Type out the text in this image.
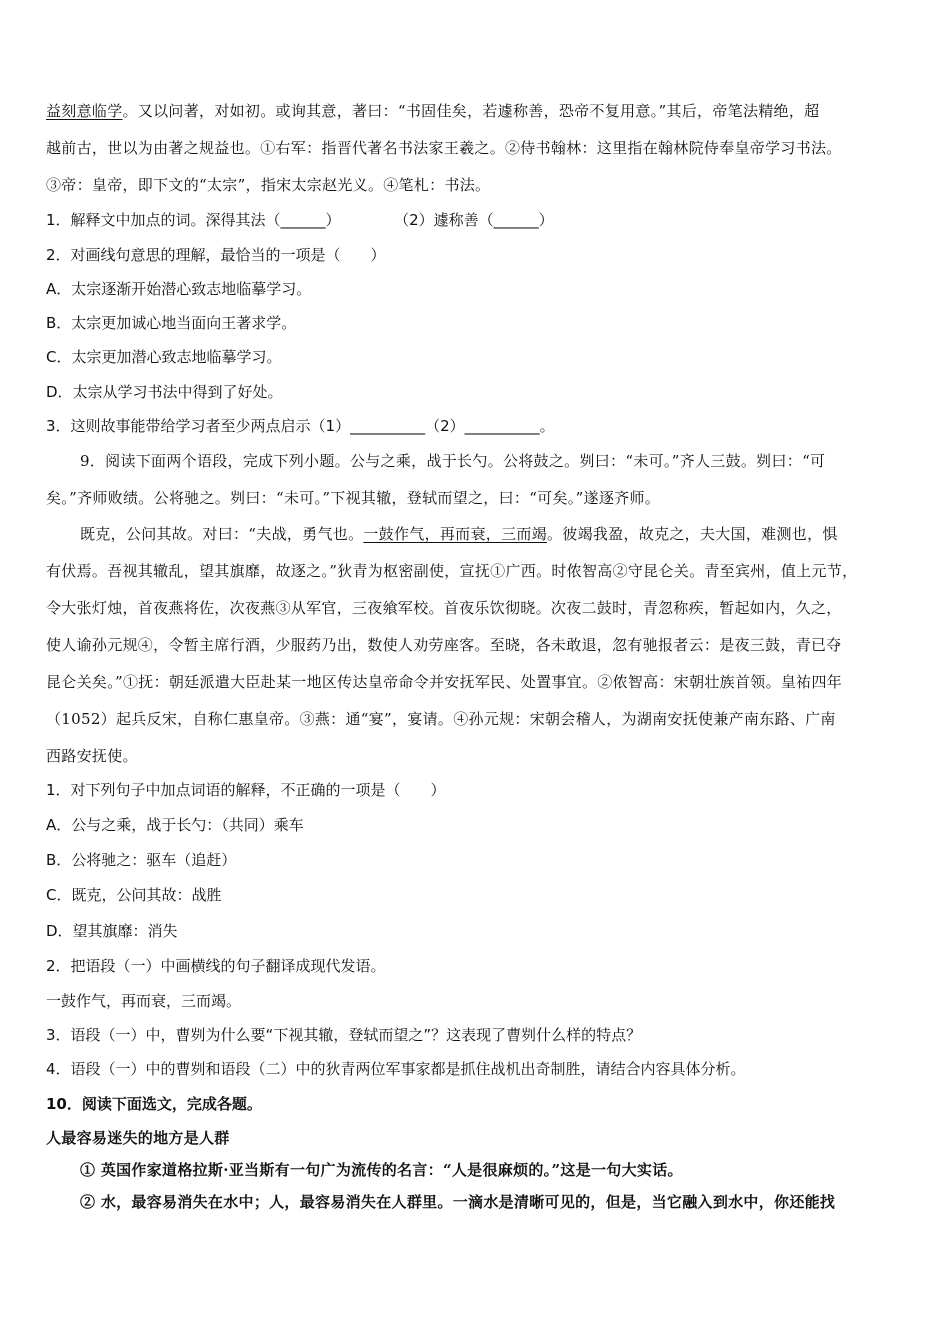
益刻意临学。又以问著，对如初。或询其意，著曰：“书固佳矣，若遽称善，恐帝不复用意。”其后，帝笔法精绝，超
越前古，世以为由著之规益也。①右军：指晋代著名书法家王羲之。②侍书翰林：这里指在翰林院侍奉皇帝学习书法。
③帝：皇帝，即下文的“太宗”，指宋太宗赵光义。④笔札：书法。
1．解释文中加点的词。深得其法（______）	（2）遽称善（______）
2．对画线句意思的理解，最恰当的一项是（　　）
A．太宗逐渐开始潜心致志地临摹学习。
B．太宗更加诚心地当面向王著求学。
C．太宗更加潜心致志地临摹学习。
D．太宗从学习书法中得到了好处。
3．这则故事能带给学习者至少两点启示（1）__________（2）__________。
9．阅读下面两个语段，完成下列小题。公与之乘，战于长勺。公将鼓之。刿曰：“未可。”齐人三鼓。刿曰：“可
矣。”齐师败绩。公将驰之。刿曰：“未可。”下视其辙，登轼而望之，曰：“可矣。”遂逐齐师。
既克，公问其故。对曰：“夫战，勇气也。一鼓作气，再而衰，三而竭。彼竭我盈，故克之，夫大国，难测也，惧
有伏焉。吾视其辙乱，望其旗靡，故逐之。”狄青为枢密副使，宣抚①广西。时侬智高②守昆仑关。青至宾州，值上元节，
令大张灯烛，首夜燕将佐，次夜燕③从军官，三夜飨军校。首夜乐饮彻晓。次夜二鼓时，青忽称疾，暂起如内，久之，
使人谕孙元规④，令暂主席行酒，少服药乃出，数使人劝劳座客。至晓，各未敢退，忽有驰报者云：是夜三鼓，青已夺
昆仑关矣。”①抚：朝廷派遣大臣赴某一地区传达皇帝命令并安抚军民、处置事宜。②侬智高：宋朝壮族首领。皇祐四年
（1052）起兵反宋，自称仁惠皇帝。③燕：通“宴”，宴请。④孙元规：宋朝会稽人，为湖南安抚使兼产南东路、广南
西路安抚使。
1．对下列句子中加点词语的解释，不正确的一项是（　　）
A．公与之乘，战于长勺：（共同）乘车
B．公将驰之：驱车（追赶）
C．既克，公问其故：战胜
D．望其旗靡：消失
2．把语段（一）中画横线的句子翻译成现代发语。
一鼓作气，再而衰，三而竭。
3．语段（一）中，曹刿为什么要“下视其辙，登轼而望之”？这表现了曹刿什么样的特点？
4．语段（一）中的曹刿和语段（二）中的狄青两位军事家都是抓住战机出奇制胜，请结合内容具体分析。
10．阅读下面选文，完成各题。
人最容易迷失的地方是人群
① 英国作家道格拉斯·亚当斯有一句广为流传的名言：“人是很麻烦的。”这是一句大实话。
② 水，最容易消失在水中；人，最容易消失在人群里。一滴水是清晰可见的，但是，当它融入到水中，你还能找
